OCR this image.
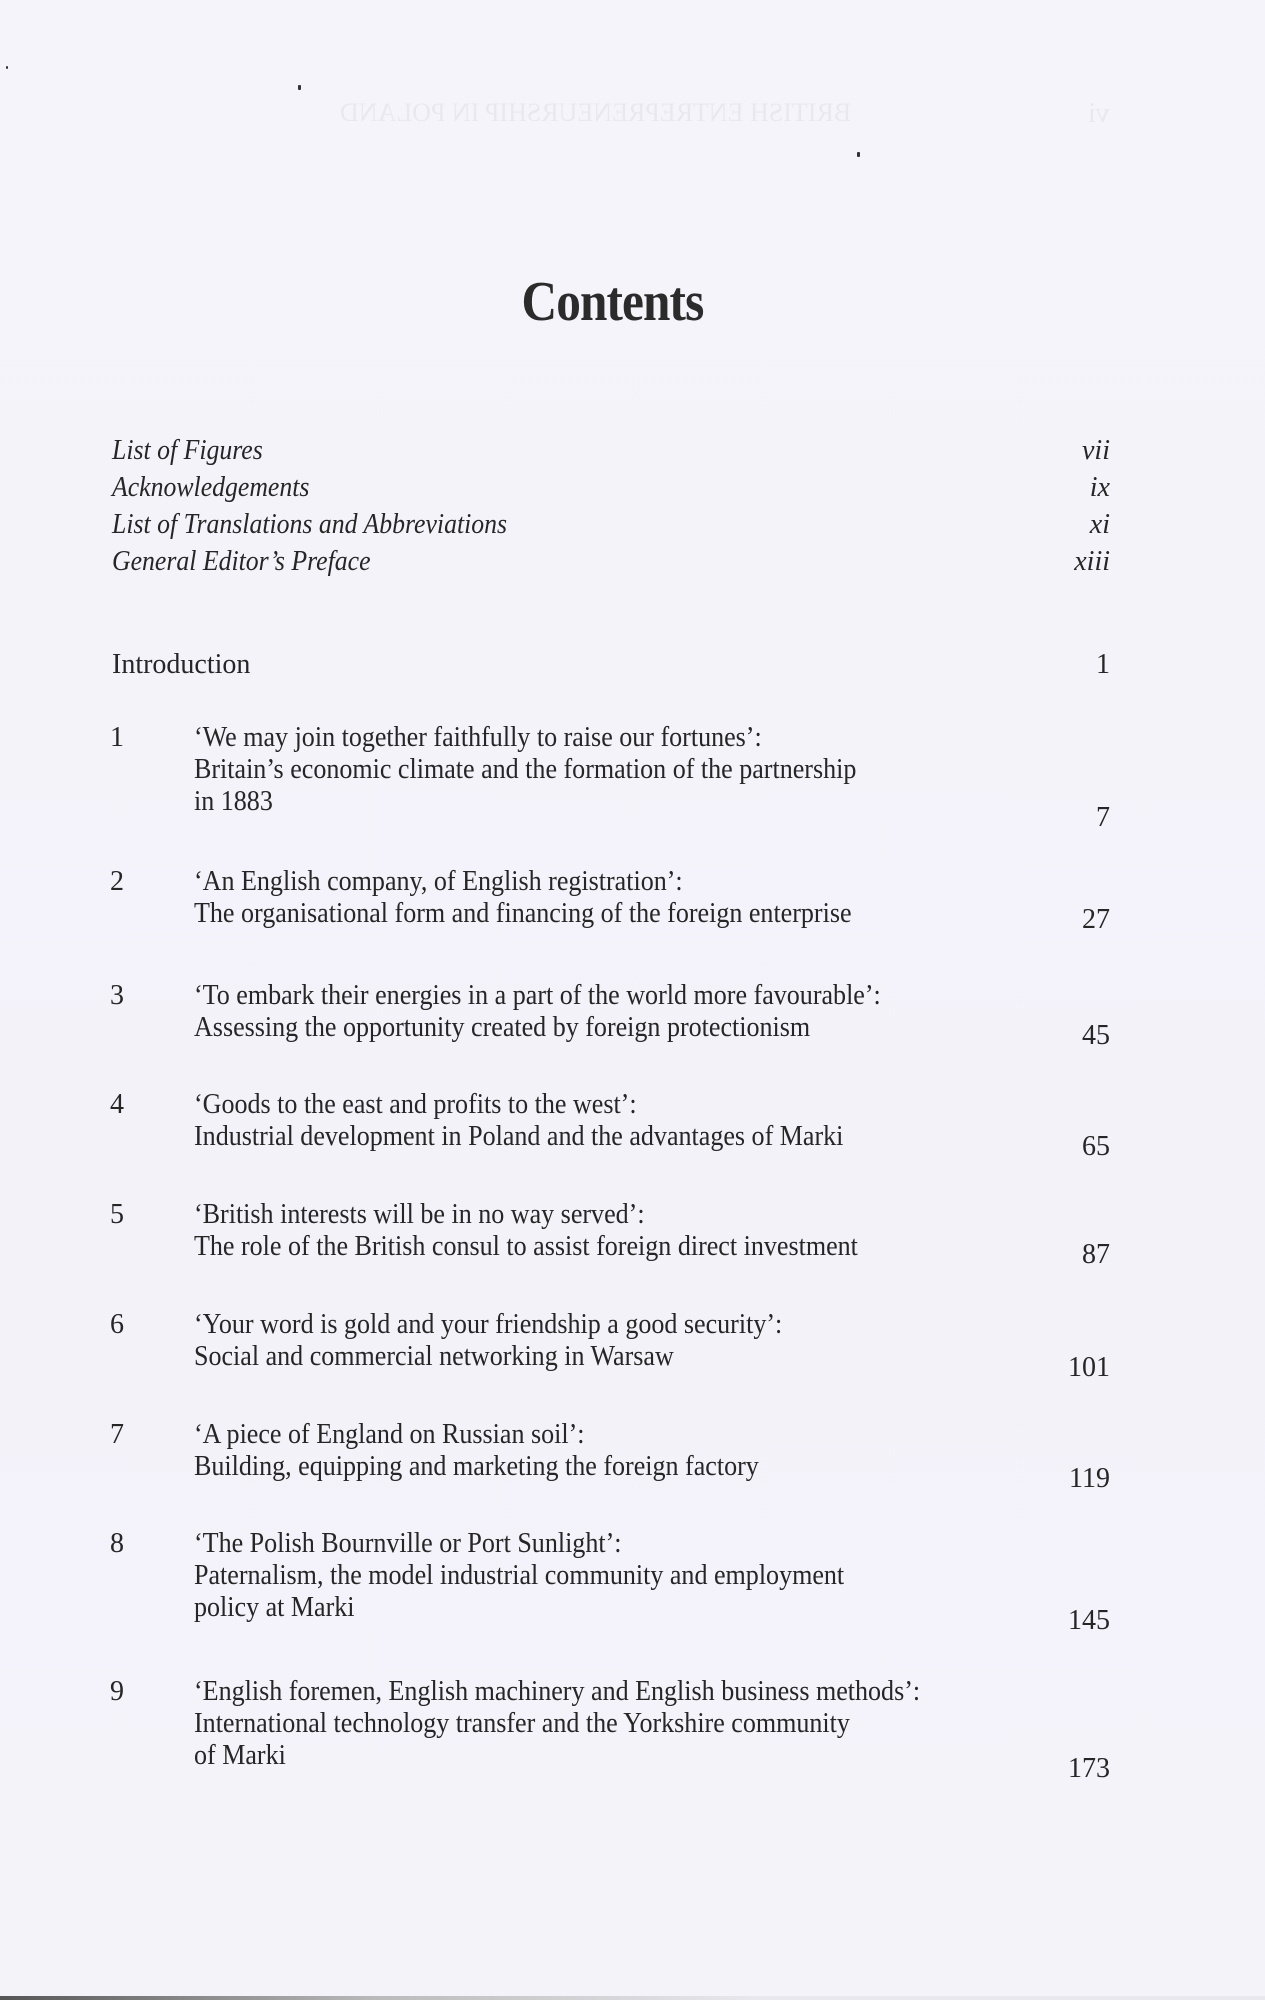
BRITISH ENTREPRENEURSHIP IN POLAND	vi
Contents
List of Figures	vii
Acknowledgements	ix
List of Translations and Abbreviations	xi
General Editor’s Preface	xiii
Introduction	1
1	‘We may join together faithfully to raise our fortunes’:
Britain’s economic climate and the formation of the partnership
in 1883
7
2	‘An English company, of English registration’:
The organisational form and financing of the foreign enterprise	27
3	‘To embark their energies in a part of the world more favourable’:
Assessing the opportunity created by foreign protectionism	45
4	‘Goods to the east and profits to the west’:
Industrial development in Poland and the advantages of Marki	65
5	‘British interests will be in no way served’:
The role of the British consul to assist foreign direct investment	87
6	‘Your word is gold and your friendship a good security’:
Social and commercial networking in Warsaw	101
7	‘A piece of England on Russian soil’:
Building, equipping and marketing the foreign factory	119
8	‘The Polish Bournville or Port Sunlight’:
Paternalism, the model industrial community and employment
policy at Marki	145
9	‘English foremen, English machinery and English business methods’:
International technology transfer and the Yorkshire community
of Marki	173
